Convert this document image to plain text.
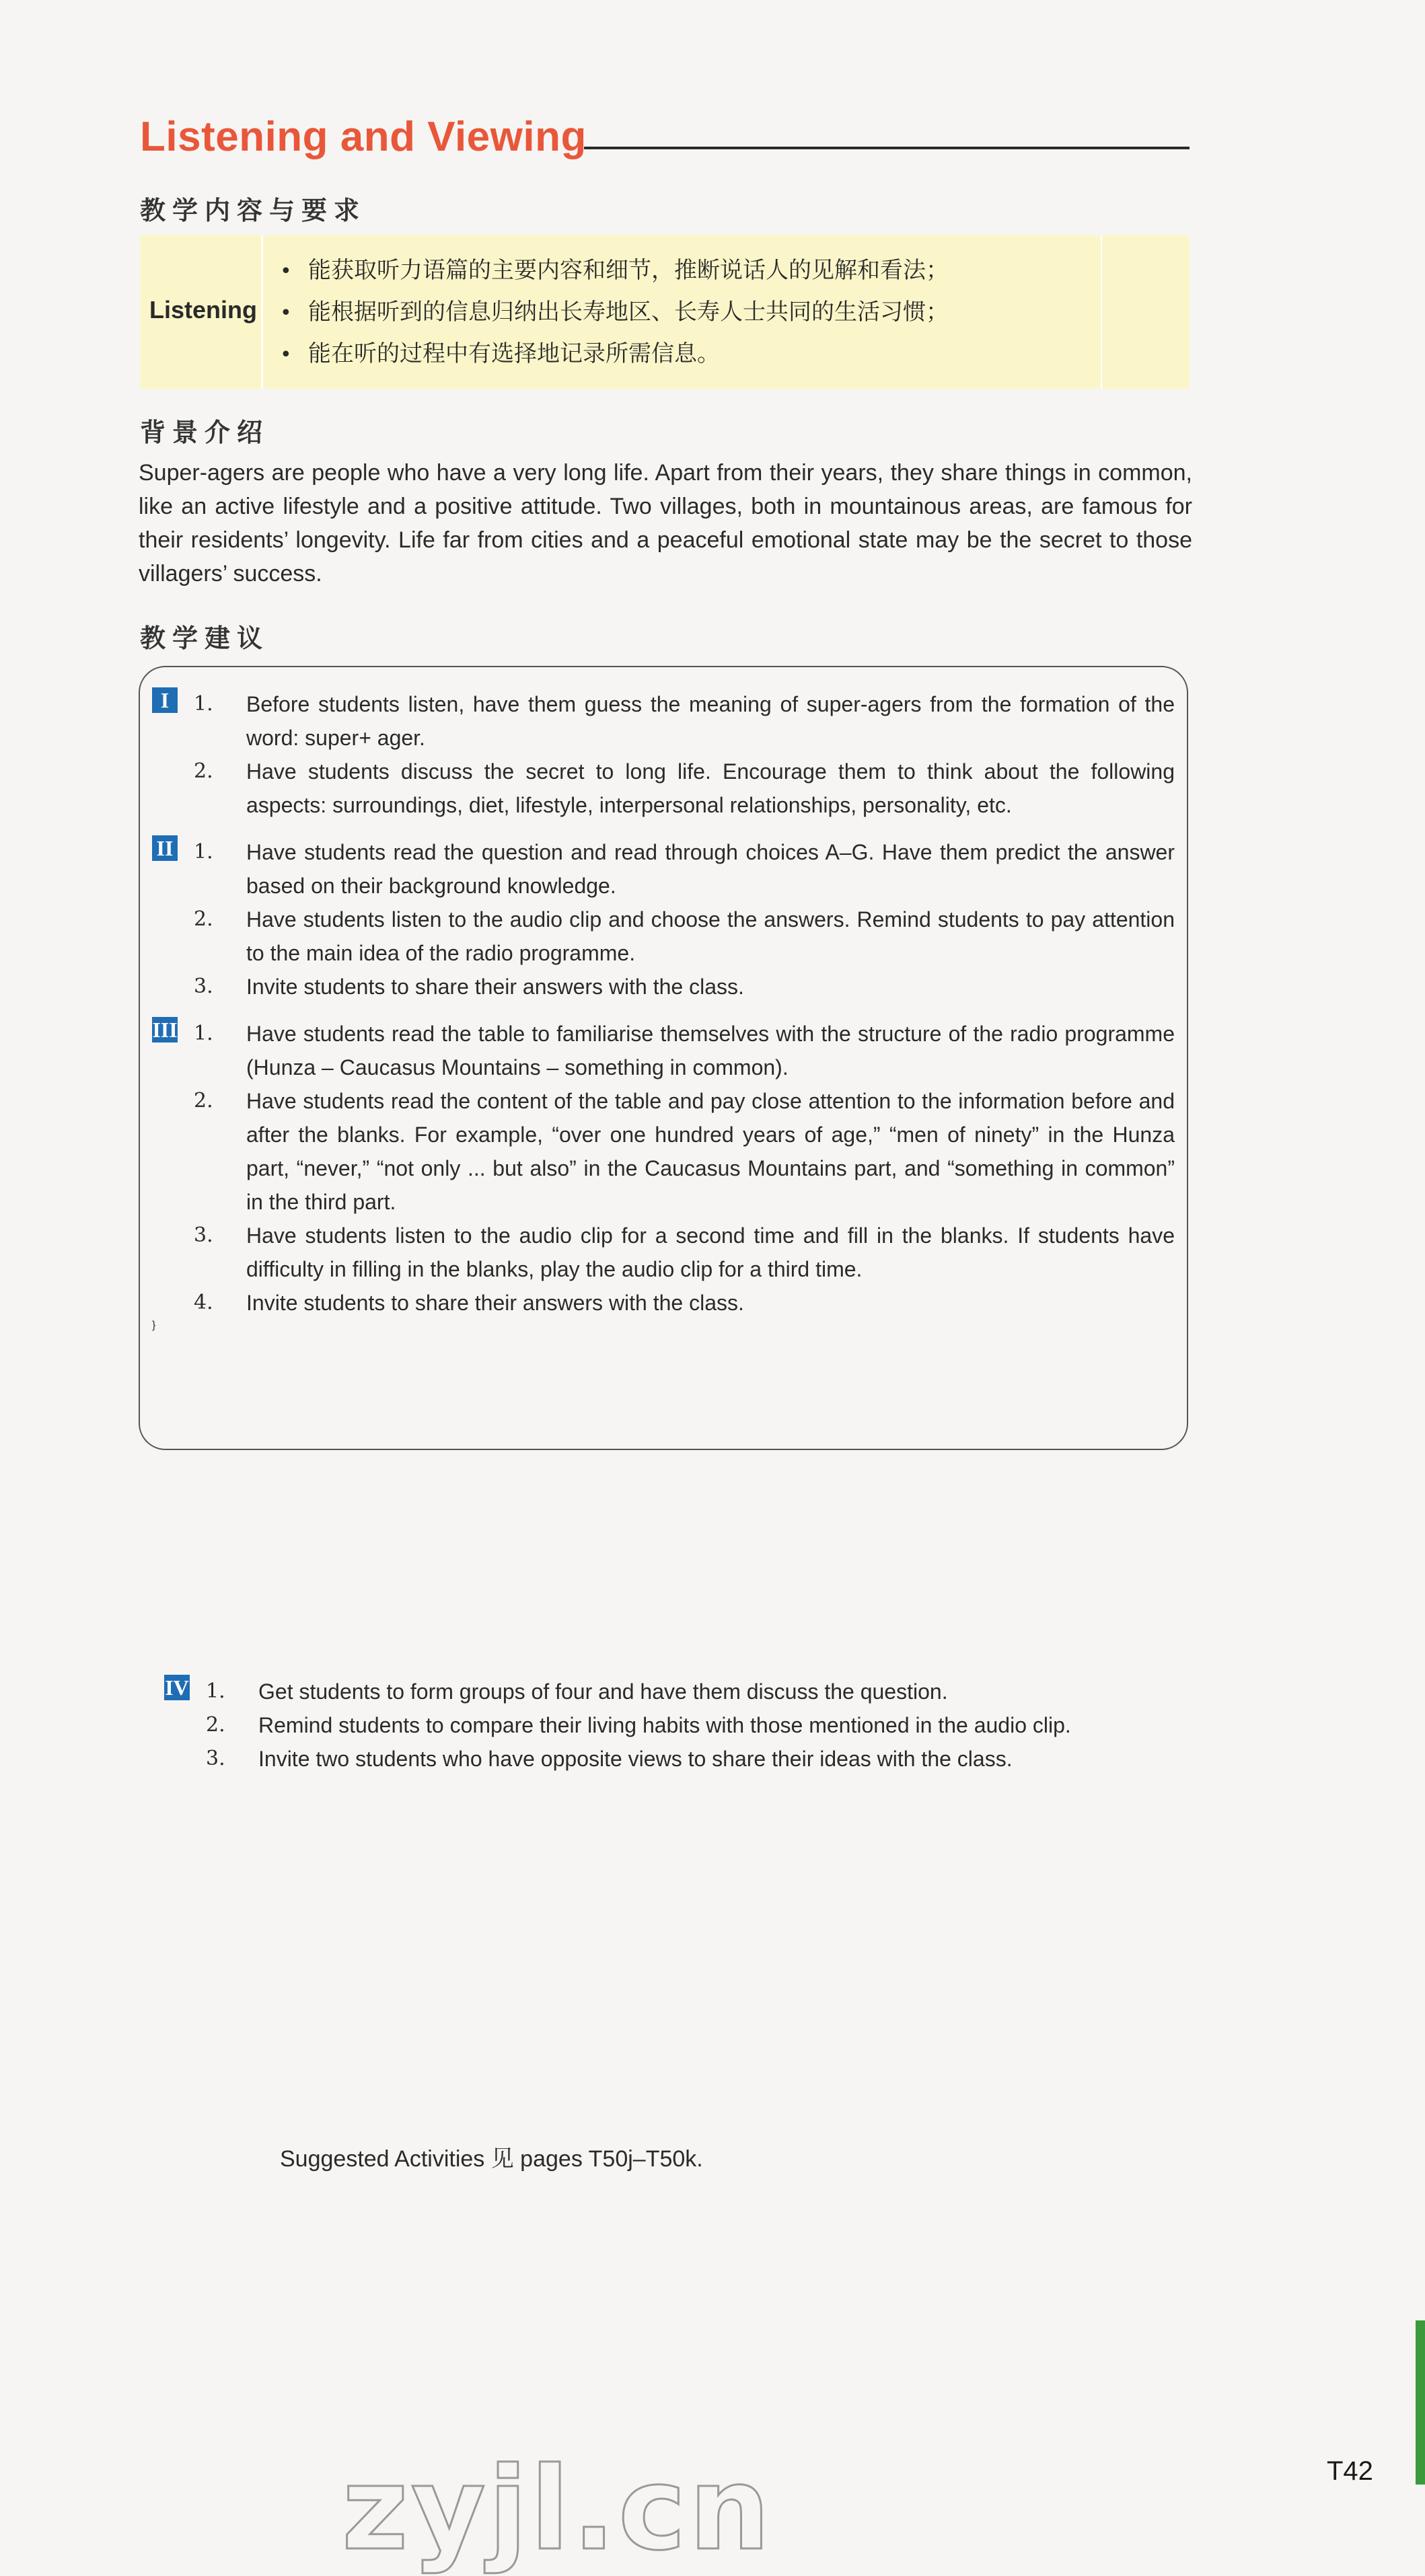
Listening and Viewing
教学内容与要求
Listening
• 能获取听力语篇的主要内容和细节，推断说话人的见解和看法；
• 能根据听到的信息归纳出长寿地区、长寿人士共同的生活习惯；
• 能在听的过程中有选择地记录所需信息。
背景介绍
Super-agers are people who have a very long life. Apart from their years, they share things in common, like an active lifestyle and a positive attitude. Two villages, both in mountainous areas, are famous for their residents’ longevity. Life far from cities and a peaceful emotional state may be the secret to those villagers’ success.
教学建议
I	1. Before students listen, have them guess the meaning of super-agers from the formation of the word: super+ ager.
2. Have students discuss the secret to long life. Encourage them to think about the following aspects: surroundings, diet, lifestyle, interpersonal relationships, personality, etc.
II 1. Have students read the question and read through choices A–G. Have them predict the answer based on their background knowledge.
2. Have students listen to the audio clip and choose the answers. Remind students to pay attention to the main idea of the radio programme.
3. Invite students to share their answers with the class.
III 1. Have students read the table to familiarise themselves with the structure of the radio programme (Hunza – Caucasus Mountains – something in common).
2. Have students read the content of the table and pay close attention to the information before and after the blanks. For example, “over one hundred years of age,” “men of ninety” in the Hunza part, “never,” “not only ... but also” in the Caucasus Mountains part, and “something in common” in the third part.
3. Have students listen to the audio clip for a second time and fill in the blanks. If students have difficulty in filling in the blanks, play the audio clip for a third time.
4. Invite students to share their answers with the class.
}
IV 1. Get students to form groups of four and have them discuss the question.
2. Remind students to compare their living habits with those mentioned in the audio clip.
3. Invite two students who have opposite views to share their ideas with the class.
Suggested Activities 见 pages T50j–T50k.
T42
zyjl.cn
